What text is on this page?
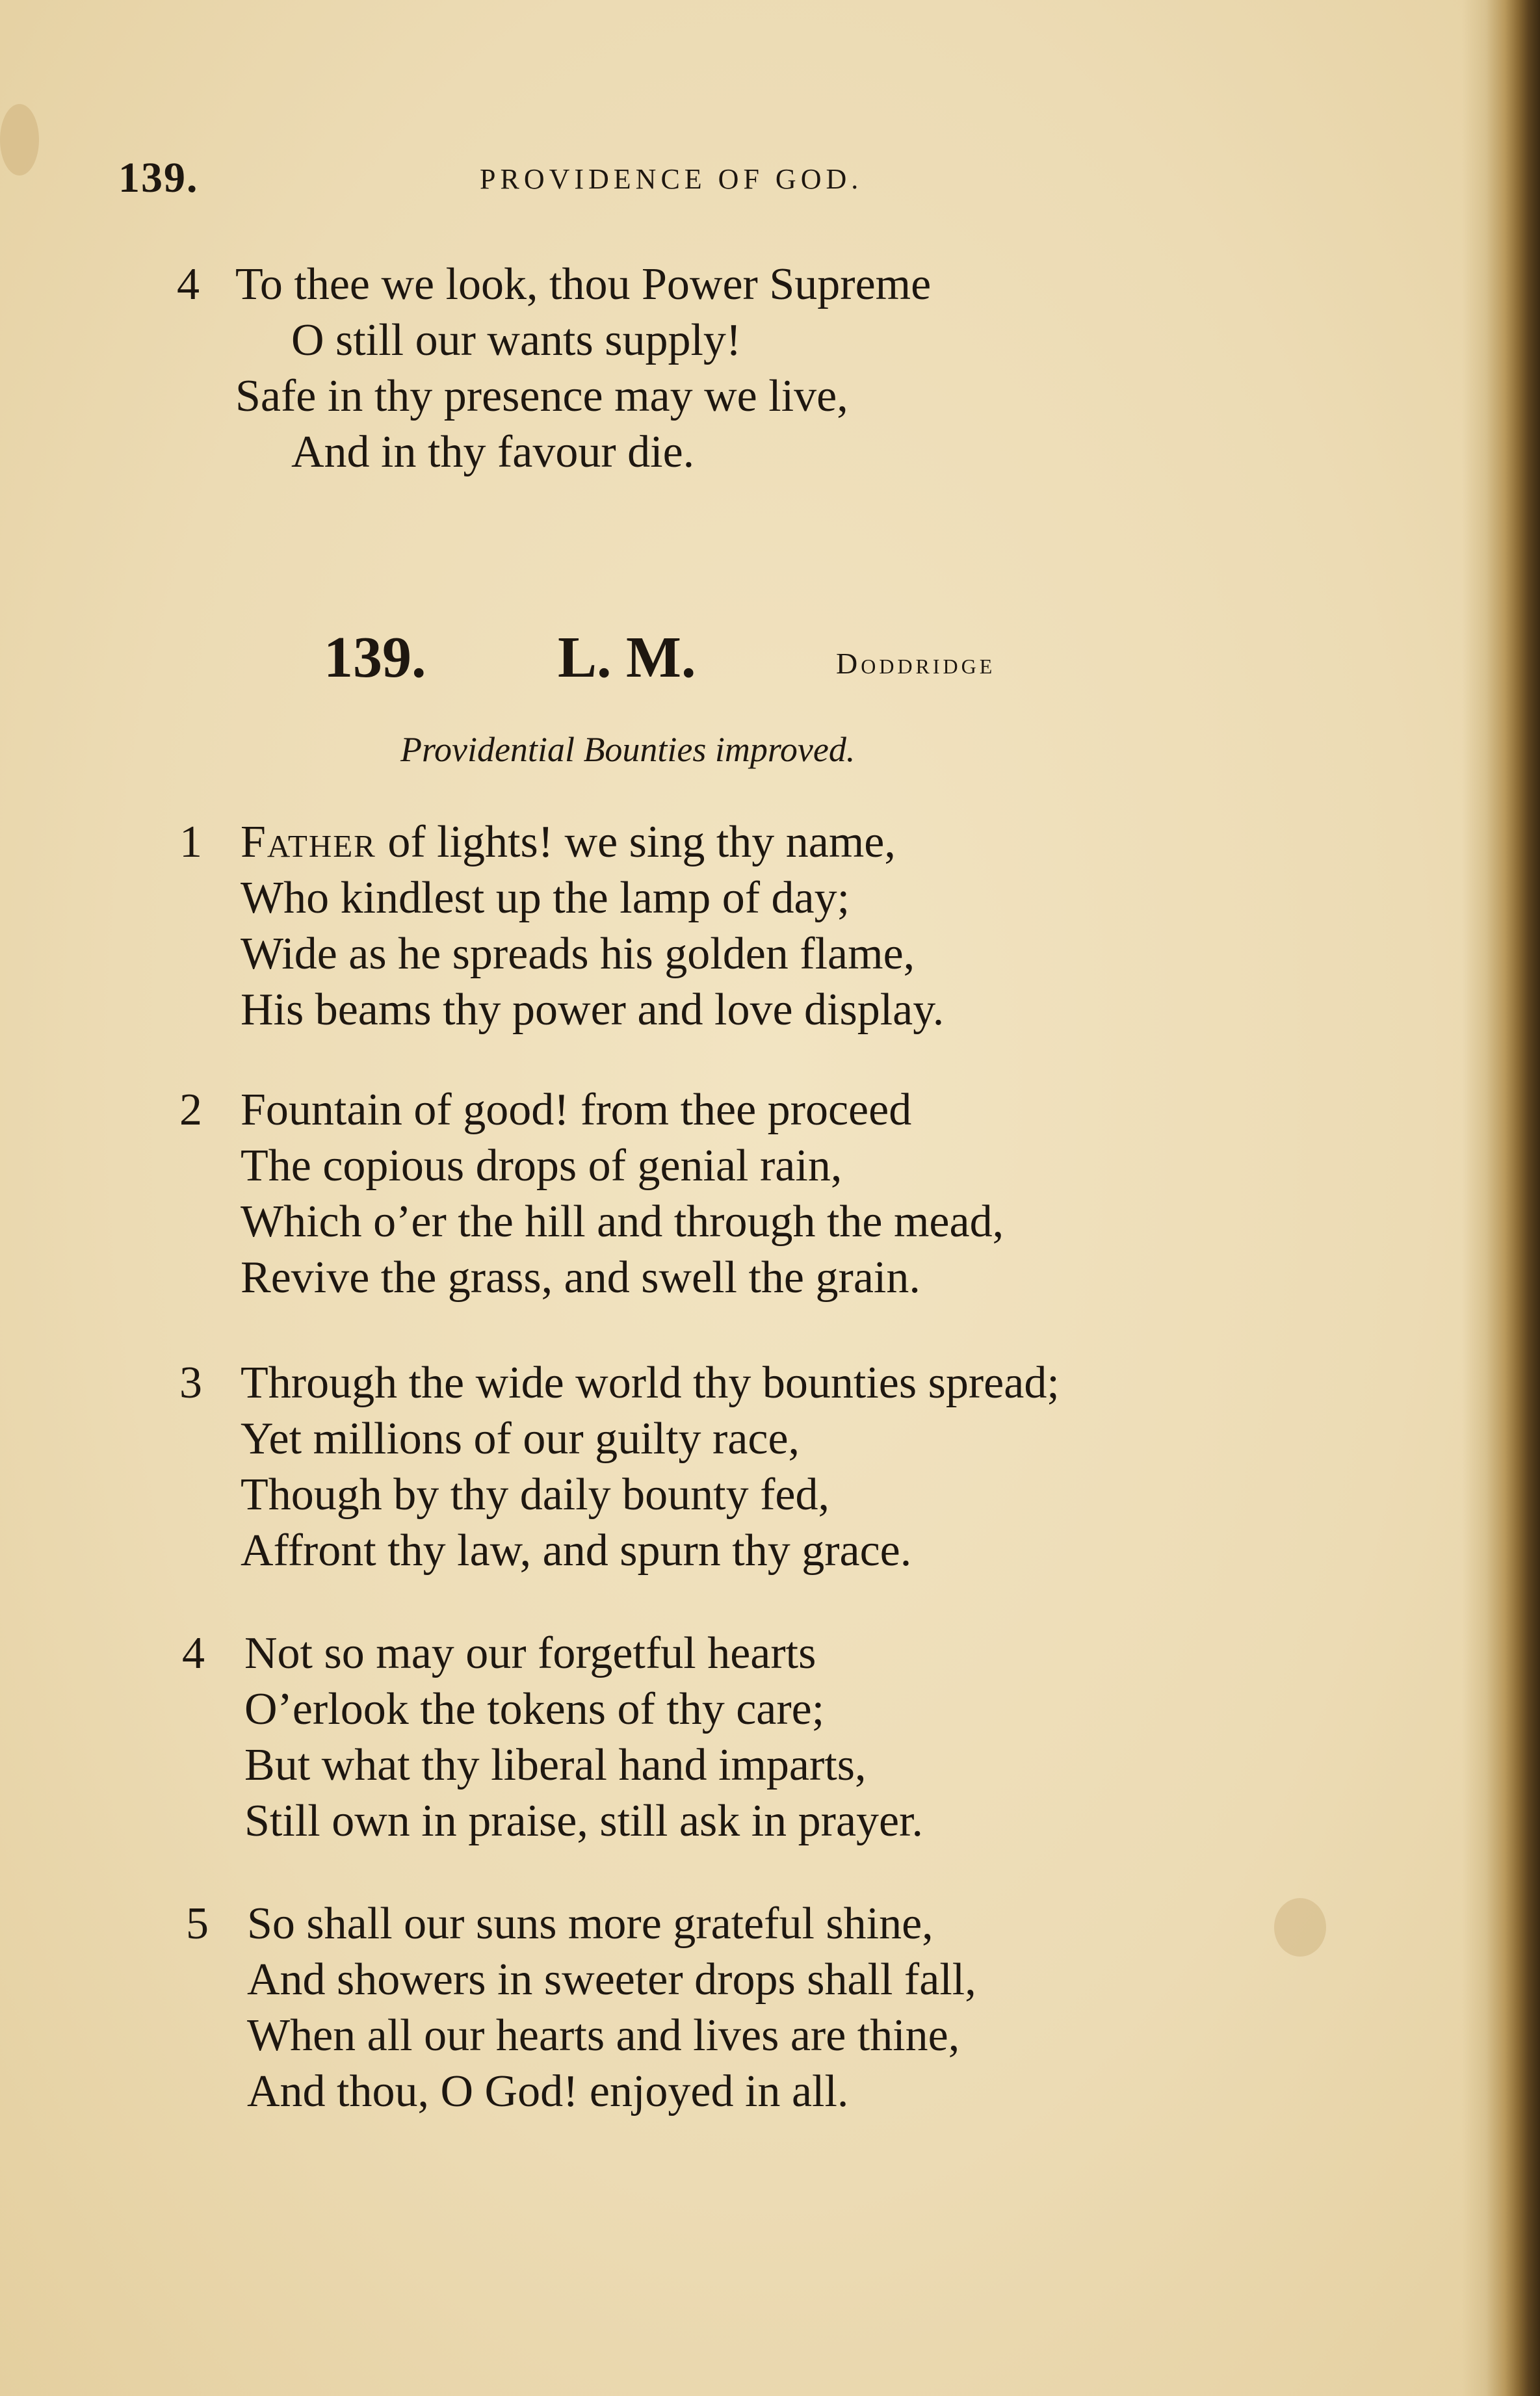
139.	PROVIDENCE OF GOD.
4 To thee we look, thou Power Supreme
O still our wants supply!
Safe in thy presence may we live,
And in thy favour die.
139. L. M.	Doddridge
Providential Bounties improved.
1 Father of lights! we sing thy name,
Who kindlest up the lamp of day;
Wide as he spreads his golden flame,
His beams thy power and love display.
2 Fountain of good! from thee proceed
The copious drops of genial rain,
Which o’er the hill and through the mead,
Revive the grass, and swell the grain.
3 Through the wide world thy bounties spread;
Yet millions of our guilty race,
Though by thy daily bounty fed,
Affront thy law, and spurn thy grace.
4 Not so may our forgetful hearts
O’erlook the tokens of thy care;
But what thy liberal hand imparts,
Still own in praise, still ask in prayer.
5 So shall our suns more grateful shine,
And showers in sweeter drops shall fall,
When all our hearts and lives are thine,
And thou, O God! enjoyed in all.
